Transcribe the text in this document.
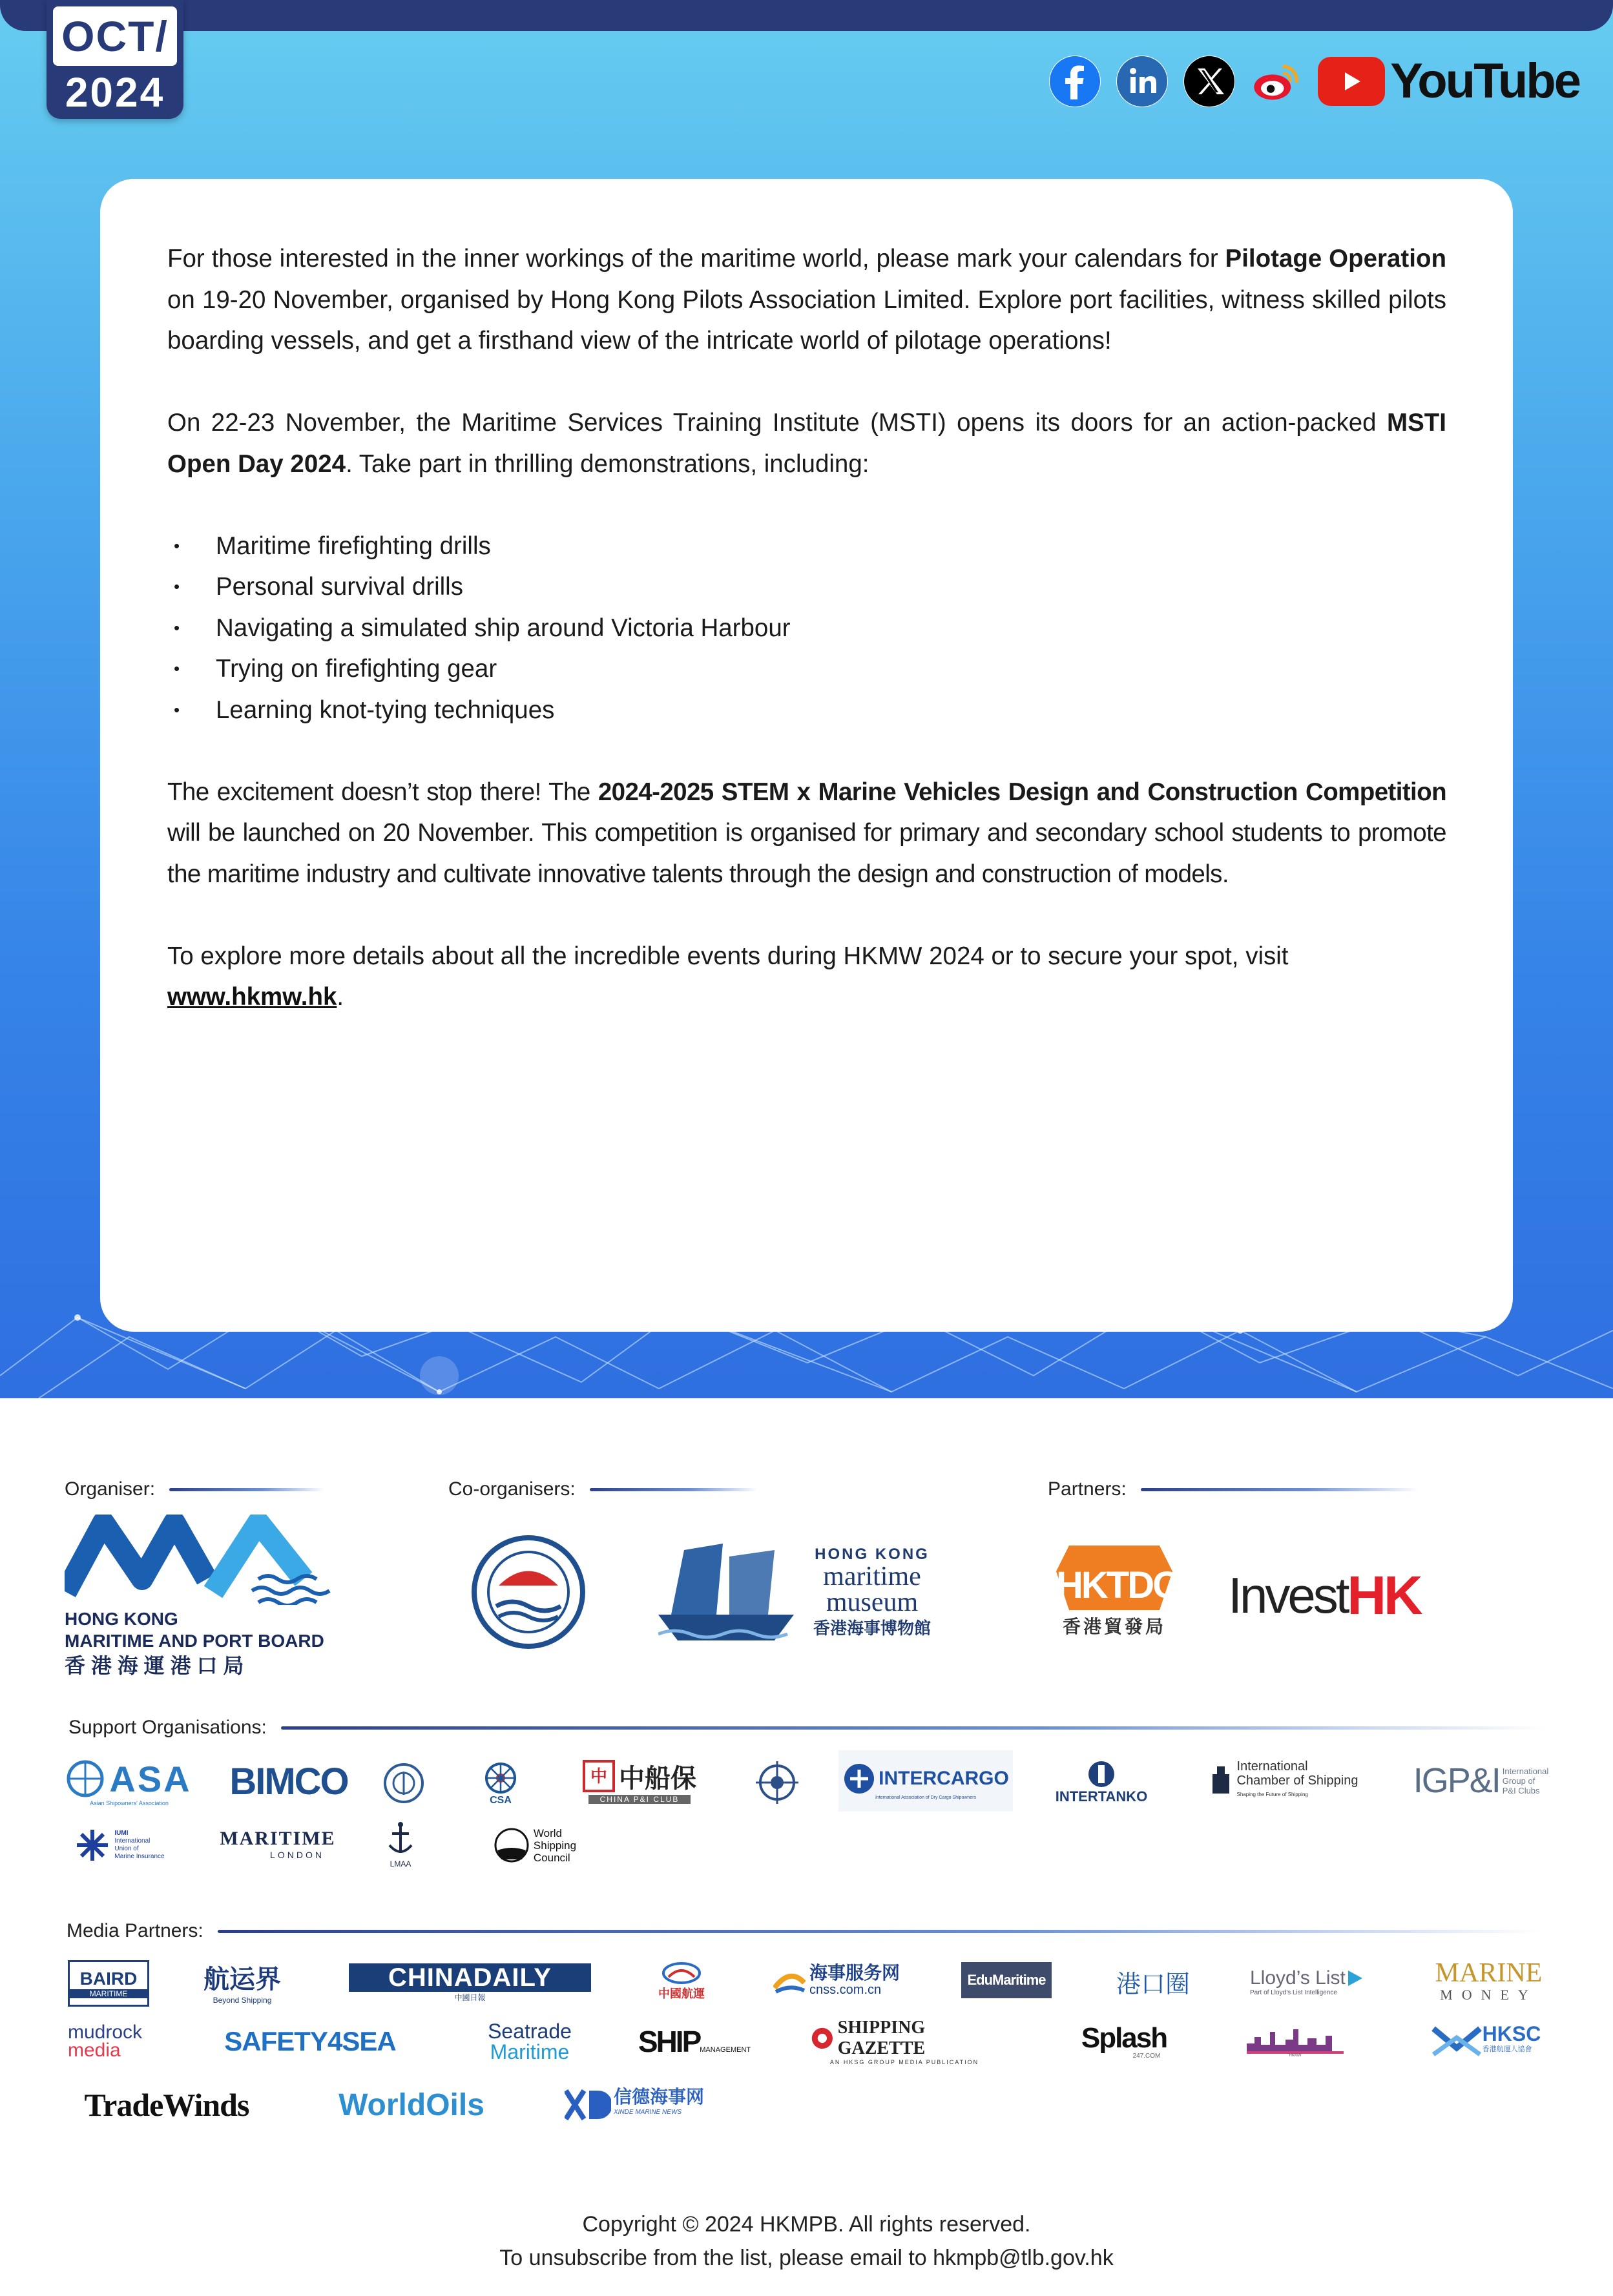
OCT/
2024	YouTube

For those interested in the inner workings of the maritime world, please mark your calendars for Pilotage Operation on 19-20 November, organised by Hong Kong Pilots Association Limited. Explore port facilities, witness skilled pilots boarding vessels, and get a firsthand view of the intricate world of pilotage operations!

On 22-23 November, the Maritime Services Training Institute (MSTI) opens its doors for an action-packed MSTI Open Day 2024. Take part in thrilling demonstrations, including:

• Maritime firefighting drills
• Personal survival drills
• Navigating a simulated ship around Victoria Harbour
• Trying on firefighting gear
• Learning knot-tying techniques

The excitement doesn’t stop there! The 2024-2025 STEM x Marine Vehicles Design and Construction Competition will be launched on 20 November. This competition is organised for primary and secondary school students to promote the maritime industry and cultivate innovative talents through the design and construction of models.

To explore more details about all the incredible events during HKMW 2024 or to secure your spot, visit www.hkmw.hk.

Organiser:	Co-organisers:	Partners:
HONG KONG
MARITIME AND PORT BOARD
香 港 海 運 港 口 局
HONG KONG
maritime
museum
香港海事博物館
HKTDC
香港貿發局
Invest HK
Support Organisations:
ASA
Asian Shipowners' Association
BIMCO	CSA
中 中船保
CHINA P&I CLUB
INTERCARGO
International Association of Dry Cargo Shipowners	INTERTANKO
International
Chamber of Shipping
Shaping the Future of Shipping	IGP&I International
Group of
P&I Clubs
IUMI
International
Union of
Marine Insurance
MARITIME
LONDON
LMAA
World
Shipping
Council
Media Partners:
BAIRD
MARITIME
航运界
Beyond Shipping
CHINADAILY
中國日報	中國航運
海事服务网
cnss.com.cn
EduMaritime	港口圈	Lloyd’s List
Part of Lloyd’s List Intelligence
MARINE
MONEY
mudrock
media	SAFETY4SEA	Seatrade
Maritime SHIP MANAGEMENT
SHIPPING GAZETTE
AN HKSG GROUP MEDIA PUBLICATION
Splash
247.COM	HKMW
HKSC
香港航運人協會
TradeWinds	WorldOils	信德海事网
XINDE MARINE NEWS
Copyright © 2024 HKMPB. All rights reserved.
To unsubscribe from the list, please email to hkmpb@tlb.gov.hk
